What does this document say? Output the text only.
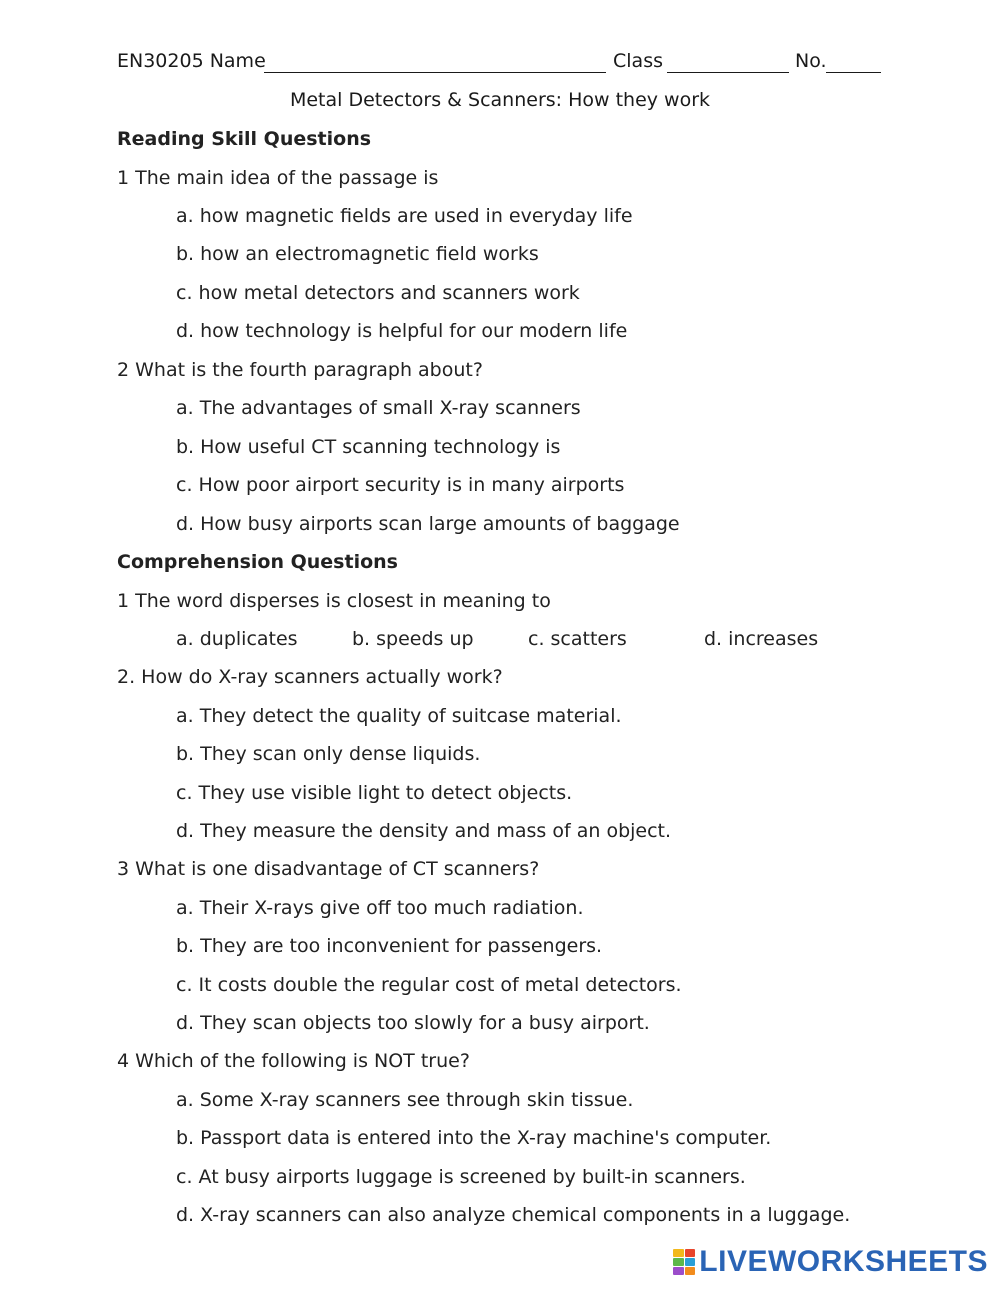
EN30205 Name	Class	No.
Metal Detectors & Scanners: How they work
Reading Skill Questions
1 The main idea of the passage is
a. how magnetic fields are used in everyday life
b. how an electromagnetic field works
c. how metal detectors and scanners work
d. how technology is helpful for our modern life
2 What is the fourth paragraph about?
a. The advantages of small X-ray scanners
b. How useful CT scanning technology is
c. How poor airport security is in many airports
d. How busy airports scan large amounts of baggage
Comprehension Questions
1 The word disperses is closest in meaning to
a. duplicates	b. speeds up	c. scatters	d. increases
2. How do X-ray scanners actually work?
a. They detect the quality of suitcase material.
b. They scan only dense liquids.
c. They use visible light to detect objects.
d. They measure the density and mass of an object.
3 What is one disadvantage of CT scanners?
a. Their X-rays give off too much radiation.
b. They are too inconvenient for passengers.
c. It costs double the regular cost of metal detectors.
d. They scan objects too slowly for a busy airport.
4 Which of the following is NOT true?
a. Some X-ray scanners see through skin tissue.
b. Passport data is entered into the X-ray machine's computer.
c. At busy airports luggage is screened by built-in scanners.
d. X-ray scanners can also analyze chemical components in a luggage.
LIVEWORKSHEETS
